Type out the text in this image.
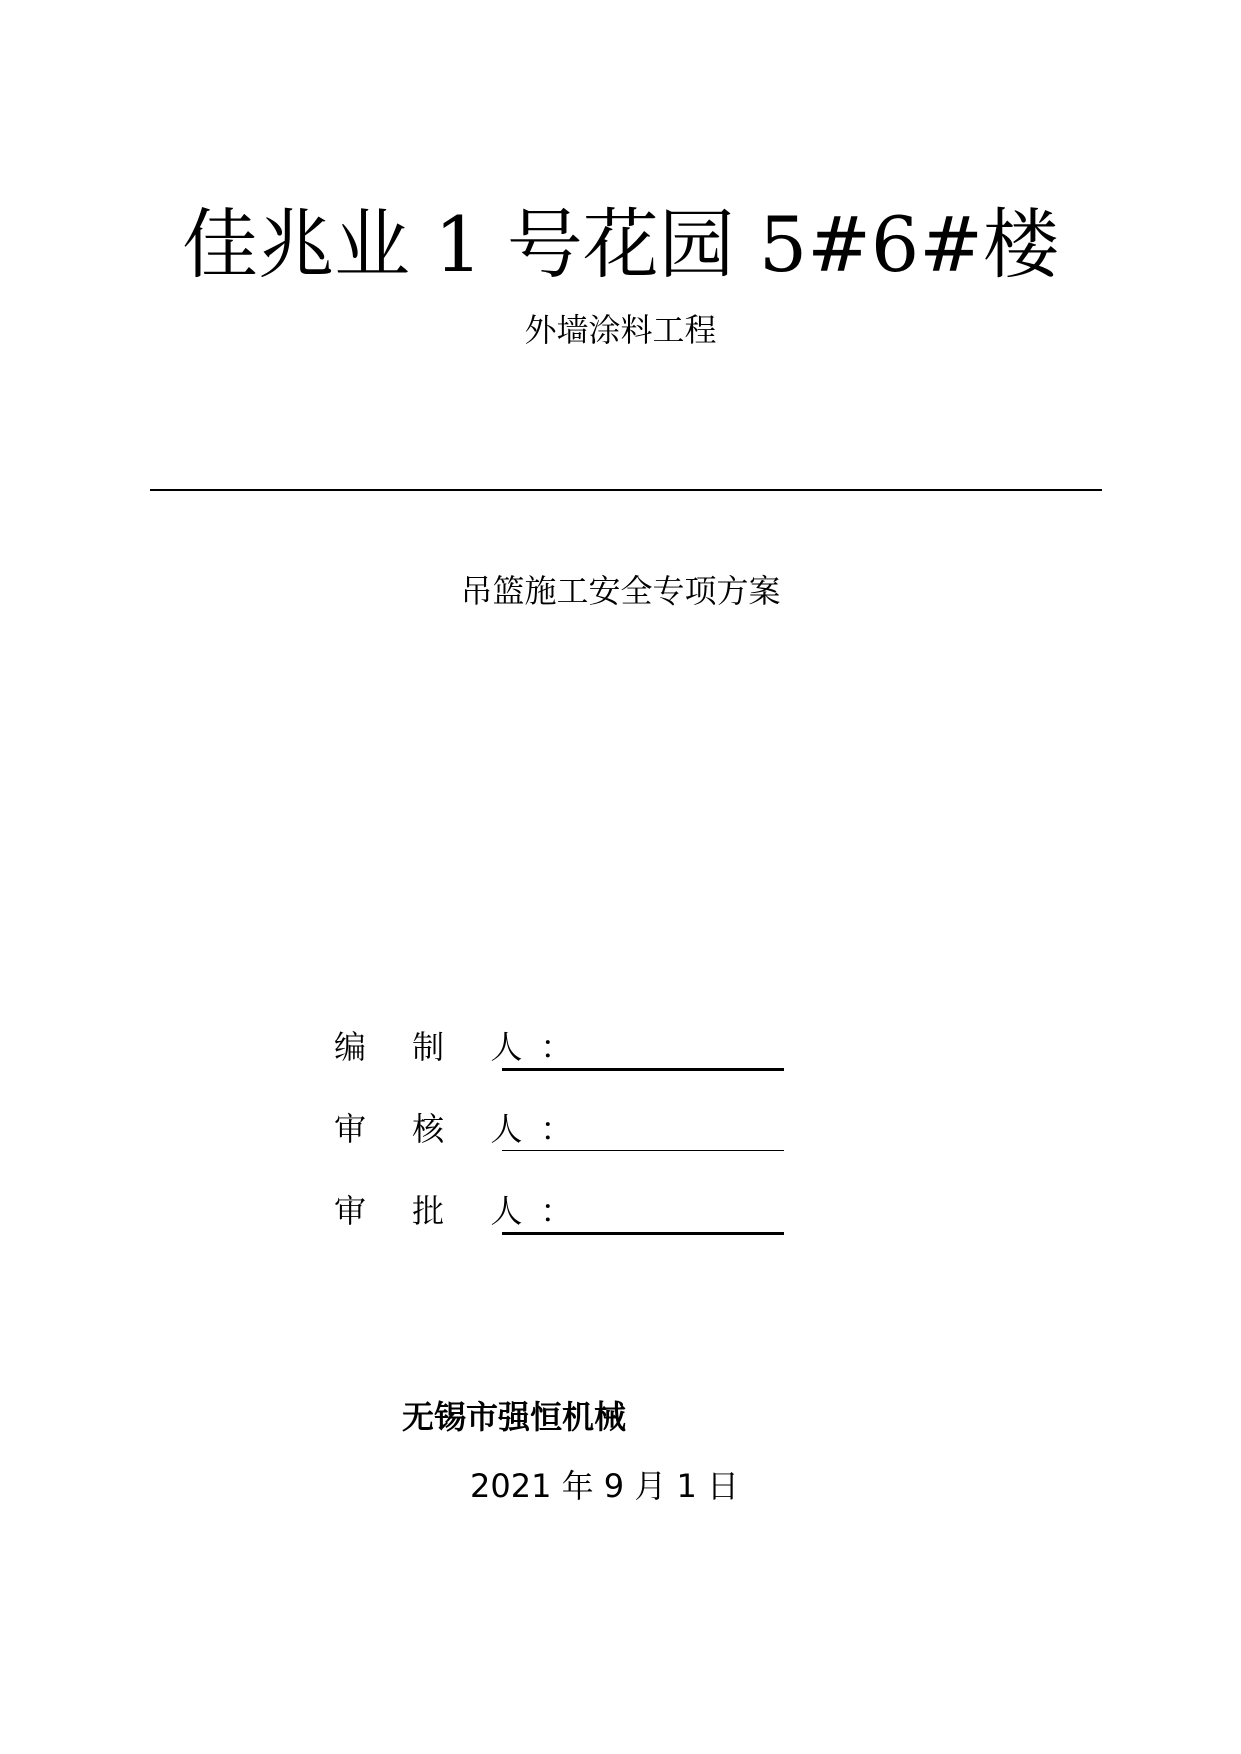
佳兆业 1 号花园 5#6#楼
外墙涂料工程
吊篮施工安全专项方案
编 制 人：
审 核 人：
审 批 人：
无锡市强恒机械
2021 年 9 月 1 日
